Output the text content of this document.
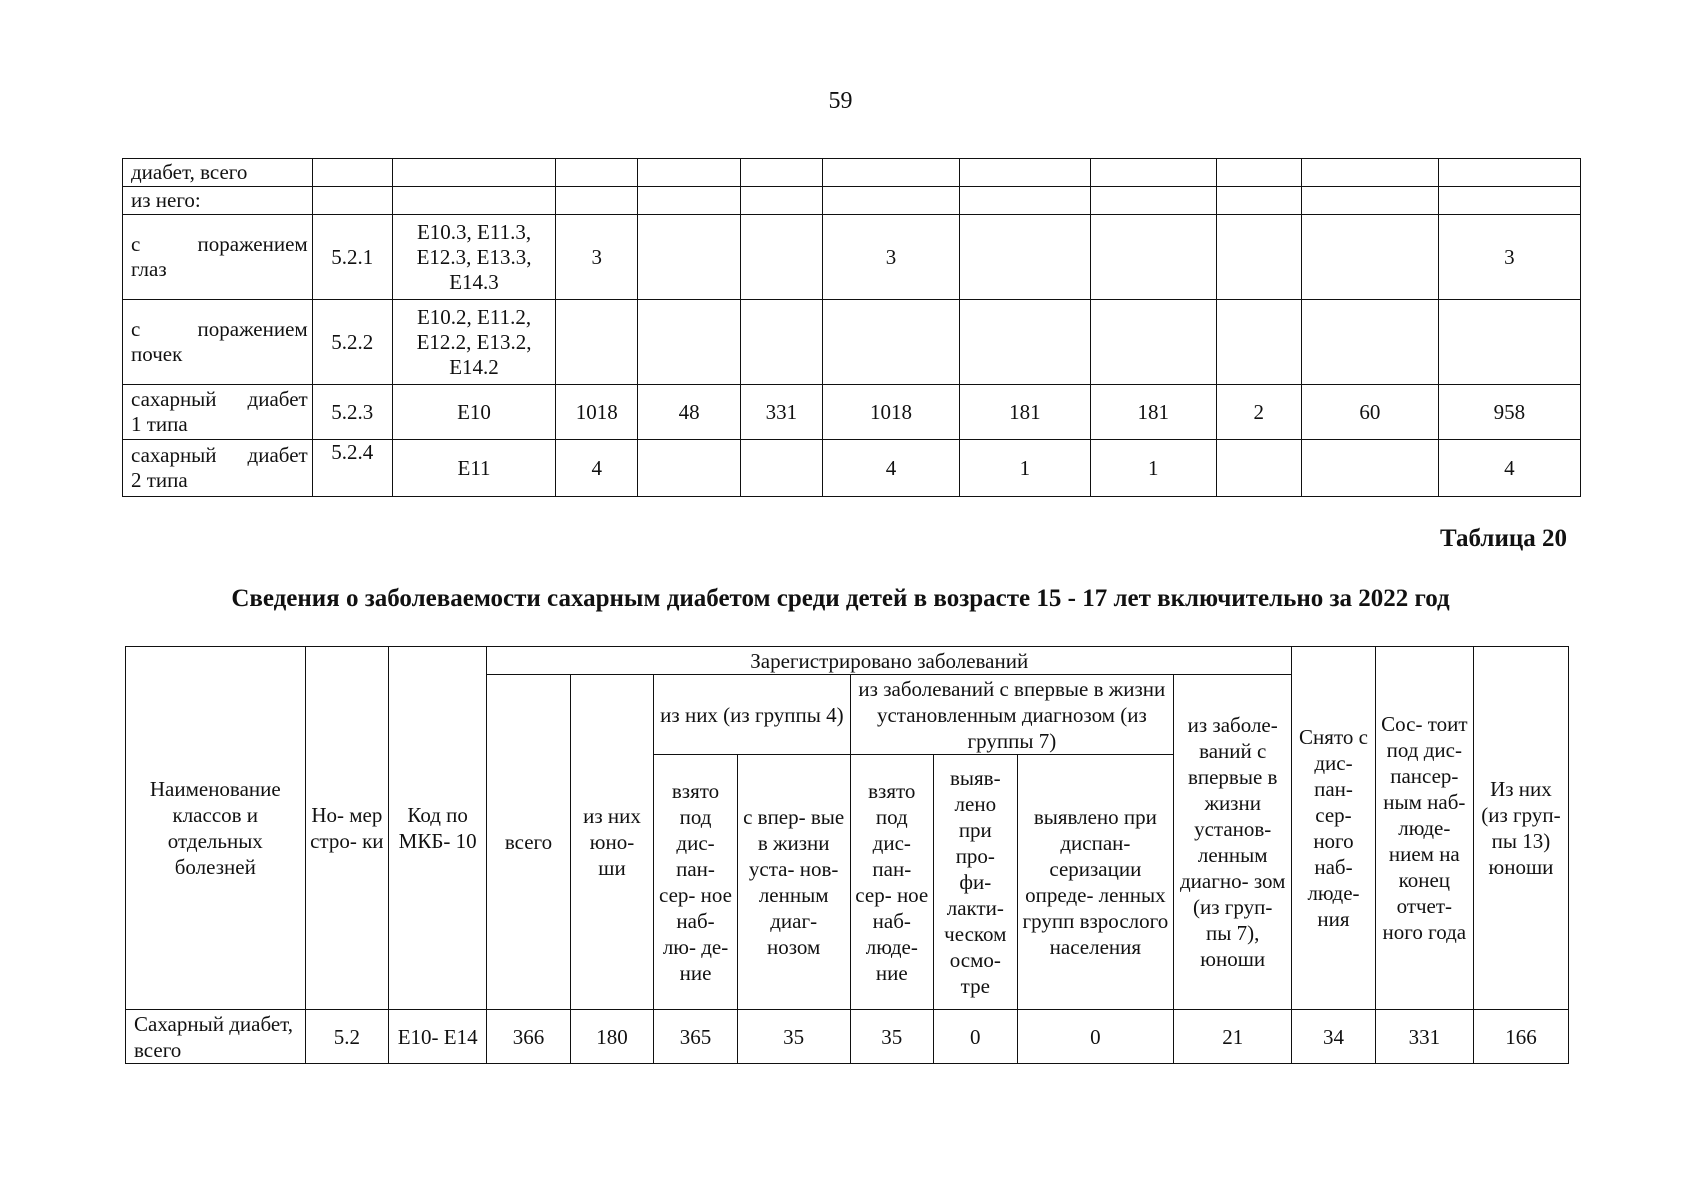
59
диабет, всего											
из него:											

с поражением
глаз	5.2.1	E10.3, E11.3, E12.3, E13.3, E14.3	3			3					3

с поражением
почек	5.2.2	E10.2, E11.2, E12.2, E13.2, E14.2									

сахарный диабет
1 типа	5.2.3	E10	1018	48	331	1018	181	181	2	60	958

сахарный диабет
2 типа	5.2.4	E11	4			4	1	1			4
Таблица 20
Сведения о заболеваемости сахарным диабетом среди детей в возрасте 15 - 17 лет включительно за 2022 год
Наименование классов и отдельных болезней	Но- мер стро- ки	Код по МКБ- 10	Зарегистрировано заболеваний								Снято с дис- пан- сер- ного наб- люде- ния	Сос- тоит под дис- пансер- ным наб- люде- нием на конец отчет- ного года	Из них (из груп- пы 13) юноши
			всего	из них юно- ши	из них (из группы 4)		из заболеваний с впервые в жизни установленным диагнозом (из группы 7)			из заболе- ваний с впервые в жизни установ- ленным диагно- зом (из груп- пы 7), юноши			
					взято под дис- пан- сер- ное наб- лю- де- ние	с впер- вые в жизни уста- нов- ленным диаг- нозом							
							взято под дис- пан- сер- ное наб- люде- ние	выяв- лено при про- фи- лакти- ческом осмо- тре	выявлено при диспан- серизации опреде- ленных групп взрослого населения				
Сахарный диабет, всего	5.2	E10- E14	366	180	365	35	35	0	0	21	34	331	166
